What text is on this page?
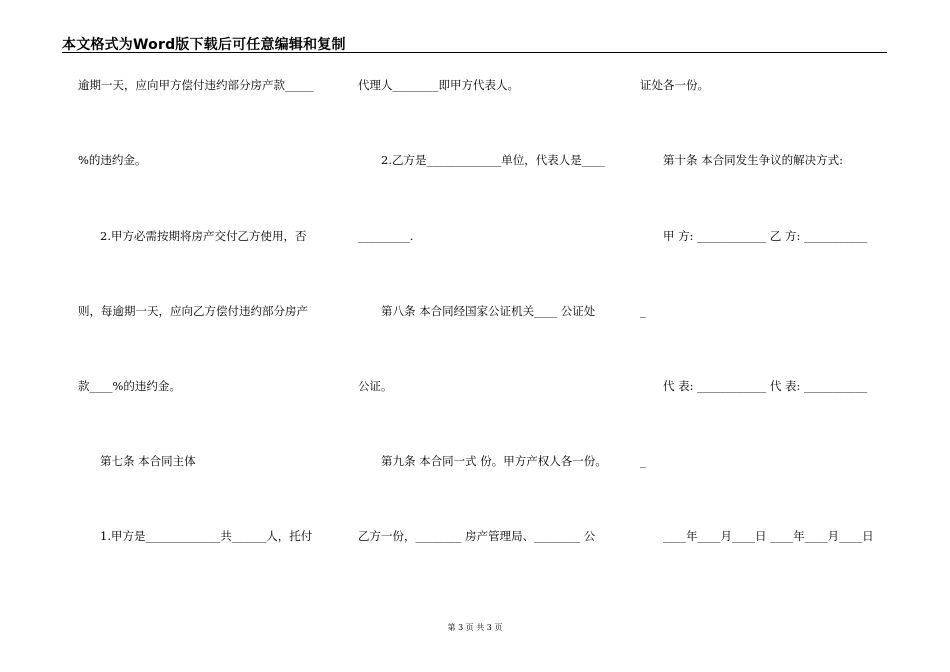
本文格式为Word版下载后可任意编辑和复制
逾期一天，应向甲方偿付违约部分房产款_____
%的违约金。
2.甲方必需按期将房产交付乙方使用，否
则，每逾期一天，应向乙方偿付违约部分房产
款____%的违约金。
第七条 本合同主体
1.甲方是_____________共______人，托付
代理人________即甲方代表人。
2.乙方是_____________单位，代表人是____
_________.
第八条 本合同经国家公证机关____ 公证处
公证。
第九条 本合同一式 份。甲方产权人各一份。
乙方一份，________ 房产管理局、________ 公
证处各一份。
第十条 本合同发生争议的解决方式:
甲 方: ____________ 乙 方: ___________
_
代 表: ____________ 代 表: ___________
_
____年____月____日 ____年____月____日
第 3 页 共 3 页
